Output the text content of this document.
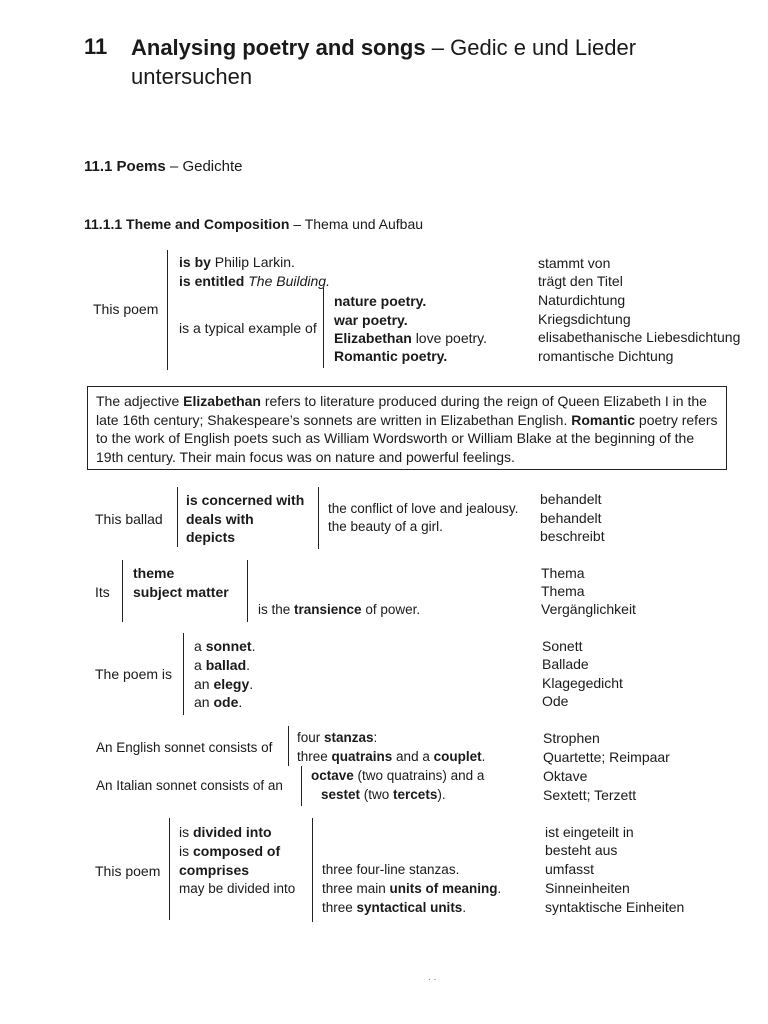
11 Analysing poetry and songs – Gedic e und Lieder
untersuchen
11.1 Poems – Gedichte
11.1.1 Theme and Composition – Thema und Aufbau
This poem
is by Philip Larkin.
is entitled The Building.
is a typical example of
nature poetry.
war poetry.
Elizabethan love poetry.
Romantic poetry.
stammt von
trägt den Titel
Naturdichtung
Kriegsdichtung
elisabethanische Liebesdichtung
romantische Dichtung
The adjective Elizabethan refers to literature produced during the reign of Queen Elizabeth I in the late 16th century; Shakespeare’s sonnets are written in Elizabethan English. Romantic poetry refers to the work of English poets such as William Wordsworth or William Blake at the beginning of the 19th century. Their main focus was on nature and powerful feelings.
This ballad
is concerned with
deals with
depicts
the conflict of love and jealousy.
the beauty of a girl.
behandelt
behandelt
beschreibt
Its
theme
subject matter
is the transience of power.
Thema
Thema
Vergänglichkeit
The poem is
a sonnet.
a ballad.
an elegy.
an ode.
Sonett
Ballade
Klagegedicht
Ode
An English sonnet consists of
four stanzas:
three quatrains and a couplet.
An Italian sonnet consists of an
octave (two quatrains) and a
sestet (two tercets).
Strophen
Quartette; Reimpaar
Oktave
Sextett; Terzett
This poem
is divided into
is composed of
comprises
may be divided into
three four-line stanzas.
three main units of meaning.
three syntactical units.
ist eingeteilt in
besteht aus
umfasst
Sinneinheiten
syntaktische Einheiten
. .
